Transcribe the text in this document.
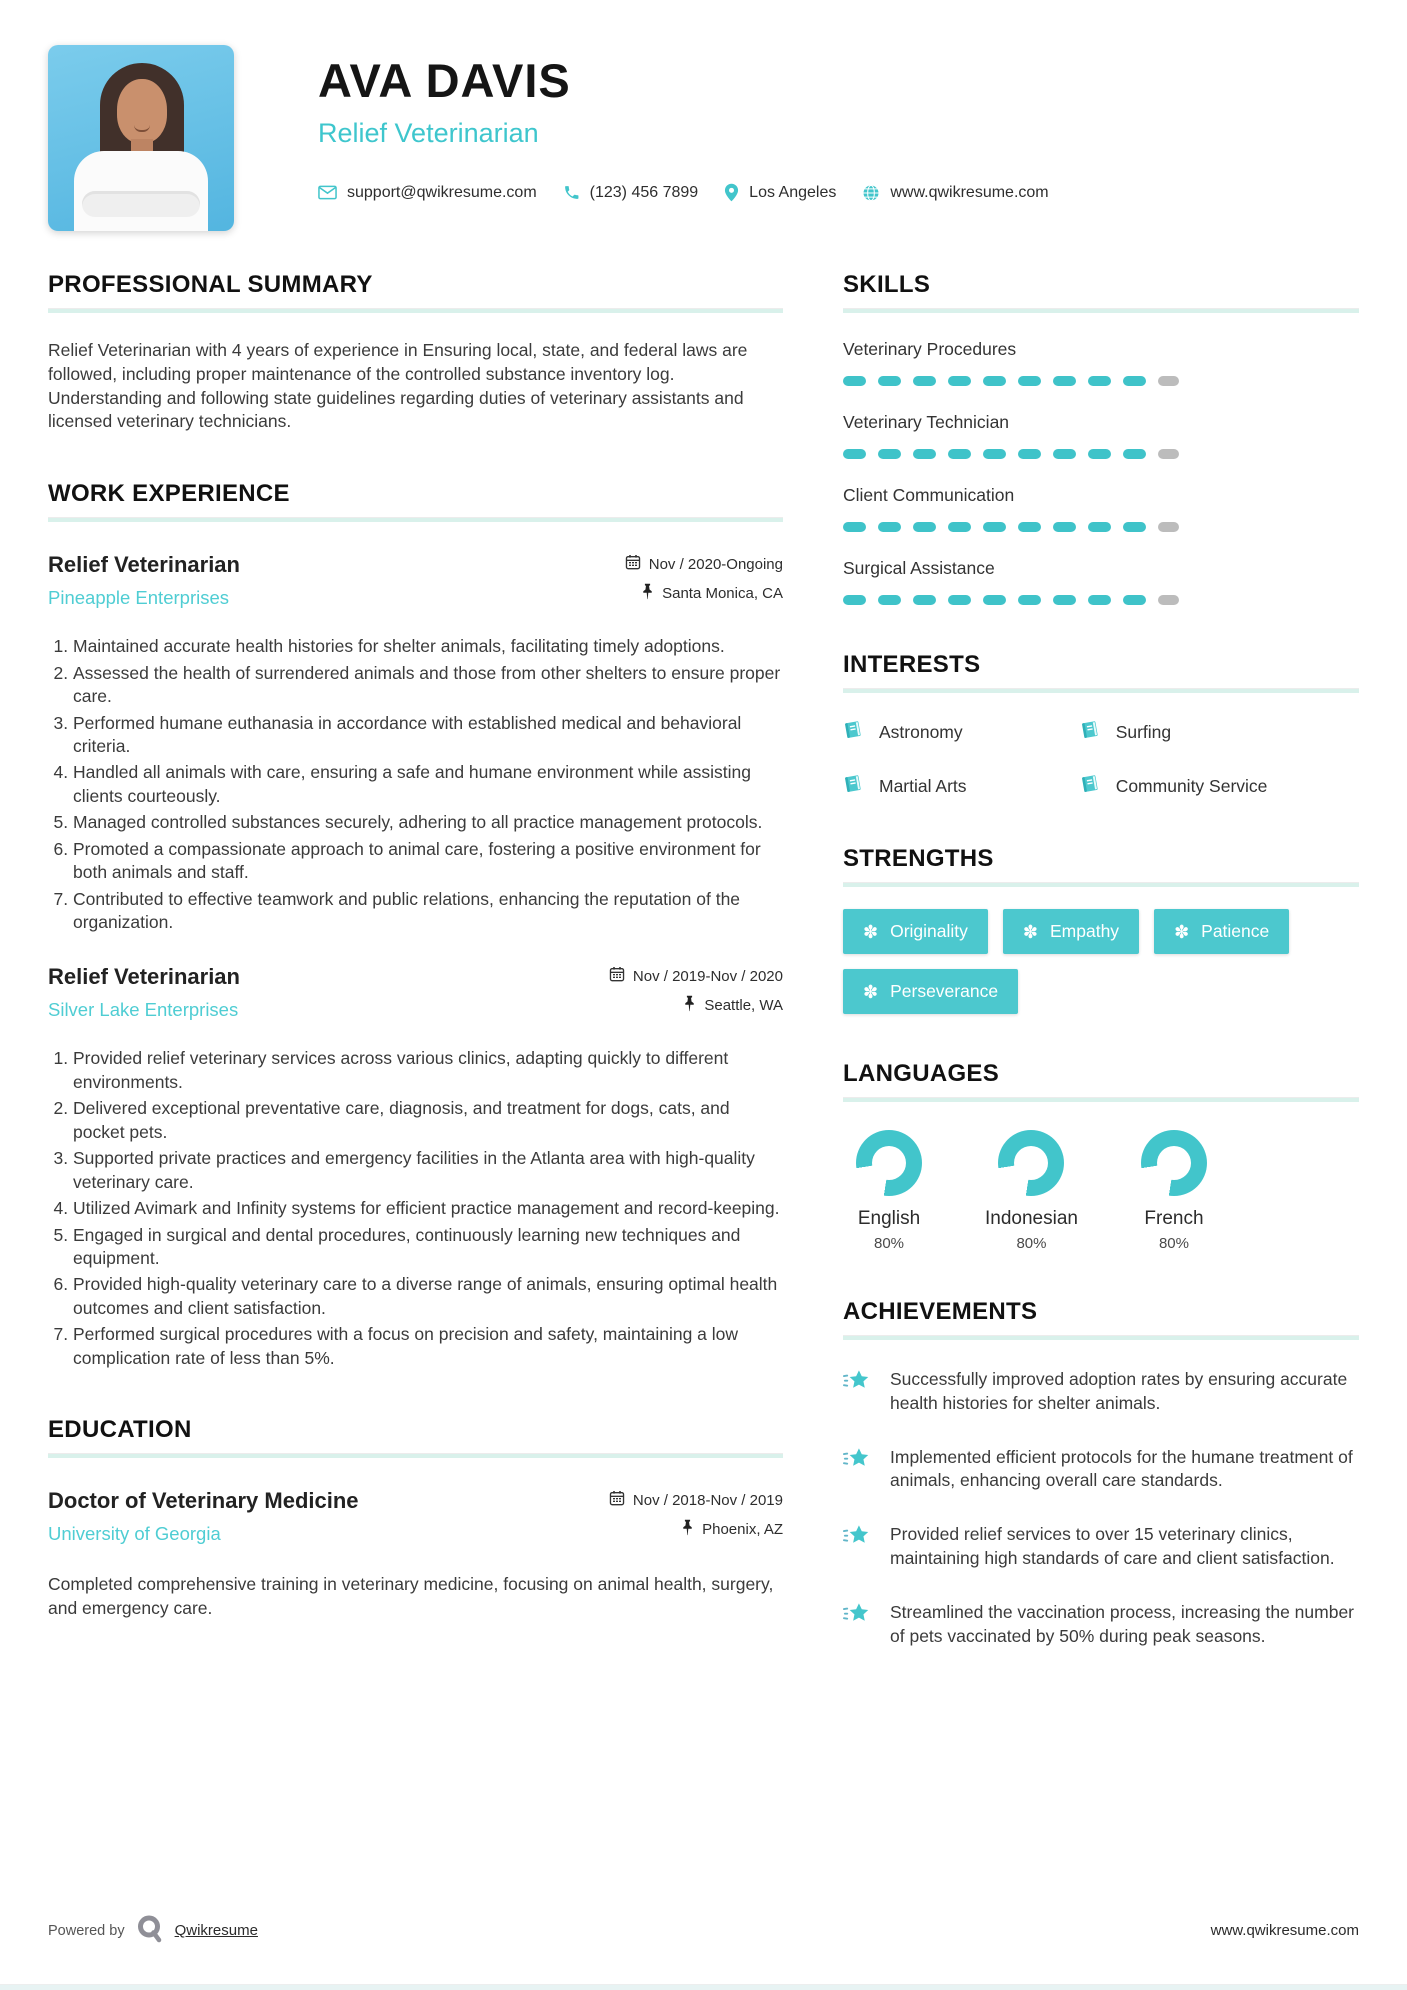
AVA DAVIS
Relief Veterinarian
support@qwikresume.com	(123) 456 7899	Los Angeles	www.qwikresume.com
PROFESSIONAL SUMMARY

Relief Veterinarian with 4 years of experience in Ensuring local, state, and federal laws are followed, including proper maintenance of the controlled substance inventory log. Understanding and following state guidelines regarding duties of veterinary assistants and licensed veterinary technicians.

WORK EXPERIENCE
Relief Veterinarian
Pineapple Enterprises
Nov / 2020-Ongoing
Santa Monica, CA
1. Maintained accurate health histories for shelter animals, facilitating timely adoptions.
2. Assessed the health of surrendered animals and those from other shelters to ensure proper care.
3. Performed humane euthanasia in accordance with established medical and behavioral criteria.
4. Handled all animals with care, ensuring a safe and humane environment while assisting clients courteously.
5. Managed controlled substances securely, adhering to all practice management protocols.
6. Promoted a compassionate approach to animal care, fostering a positive environment for both animals and staff.
7. Contributed to effective teamwork and public relations, enhancing the reputation of the organization.
Relief Veterinarian
Silver Lake Enterprises
Nov / 2019-Nov / 2020
Seattle, WA
1. Provided relief veterinary services across various clinics, adapting quickly to different environments.
2. Delivered exceptional preventative care, diagnosis, and treatment for dogs, cats, and pocket pets.
3. Supported private practices and emergency facilities in the Atlanta area with high-quality veterinary care.
4. Utilized Avimark and Infinity systems for efficient practice management and record-keeping.
5. Engaged in surgical and dental procedures, continuously learning new techniques and equipment.
6. Provided high-quality veterinary care to a diverse range of animals, ensuring optimal health outcomes and client satisfaction.
7. Performed surgical procedures with a focus on precision and safety, maintaining a low complication rate of less than 5%.
EDUCATION
Doctor of Veterinary Medicine
University of Georgia
Nov / 2018-Nov / 2019
Phoenix, AZ

Completed comprehensive training in veterinary medicine, focusing on animal health, surgery, and emergency care.

SKILLS
Veterinary Procedures
Veterinary Technician
Client Communication
Surgical Assistance
INTERESTS
Astronomy	Surfing
Martial Arts	Community Service
STRENGTHS
✽ Originality	✽ Empathy	✽ Patience
✽ Perseverance
LANGUAGES
English
80%
Indonesian
80%
French
80%
ACHIEVEMENTS
Successfully improved adoption rates by ensuring accurate health histories for shelter animals.
Implemented efficient protocols for the humane treatment of animals, enhancing overall care standards.
Provided relief services to over 15 veterinary clinics, maintaining high standards of care and client satisfaction.
Streamlined the vaccination process, increasing the number of pets vaccinated by 50% during peak seasons.
Powered by	Qwikresume	www.qwikresume.com
